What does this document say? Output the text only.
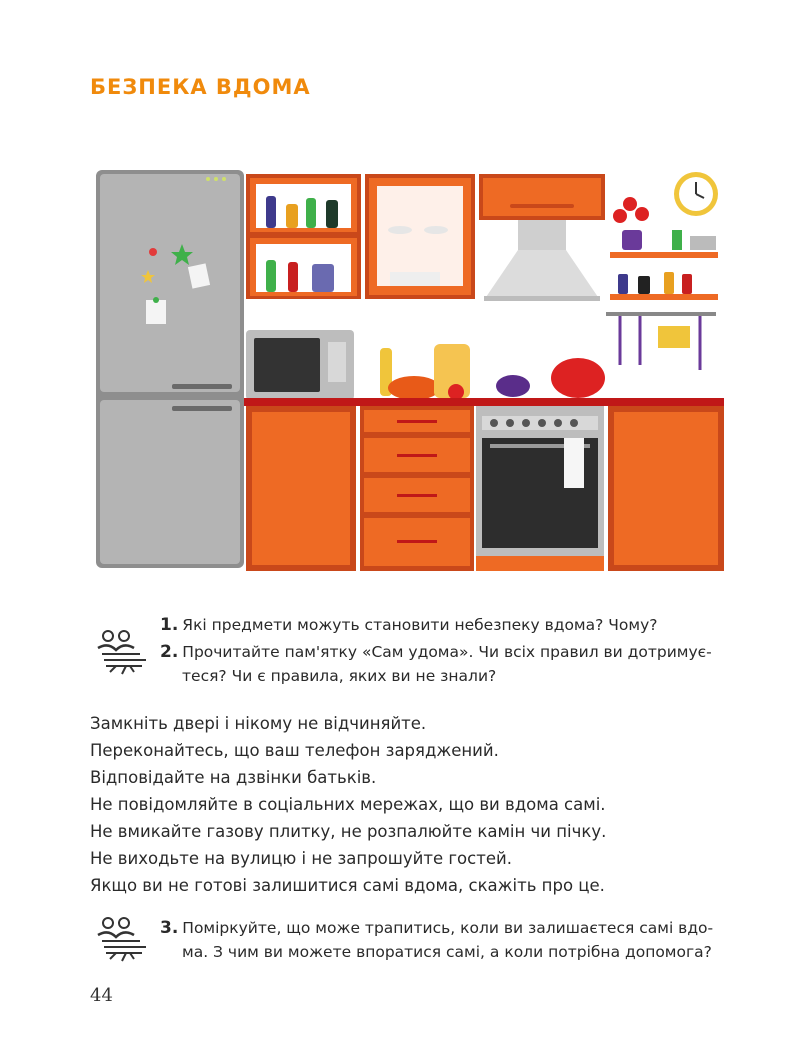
БЕЗПЕКА ВДОМА
1. Які предмети можуть становити небезпеку вдома? Чому?
2. Прочитайте пам'ятку «Сам удома». Чи всіх правил ви дотримує-
теся? Чи є правила, яких ви не знали?
Замкніть двері і нікому не відчиняйте.
Переконайтесь, що ваш телефон заряджений.
Відповідайте на дзвінки батьків.
Не повідомляйте в соціальних мережах, що ви вдома самі.
Не вмикайте газову плитку, не розпалюйте камін чи пічку.
Не виходьте на вулицю і не запрошуйте гостей.
Якщо ви не готові залишитися самі вдома, скажіть про це.
3. Поміркуйте, що може трапитись, коли ви залишаєтеся самі вдо-
ма. З чим ви можете впоратися самі, а коли потрібна допомога?
44
